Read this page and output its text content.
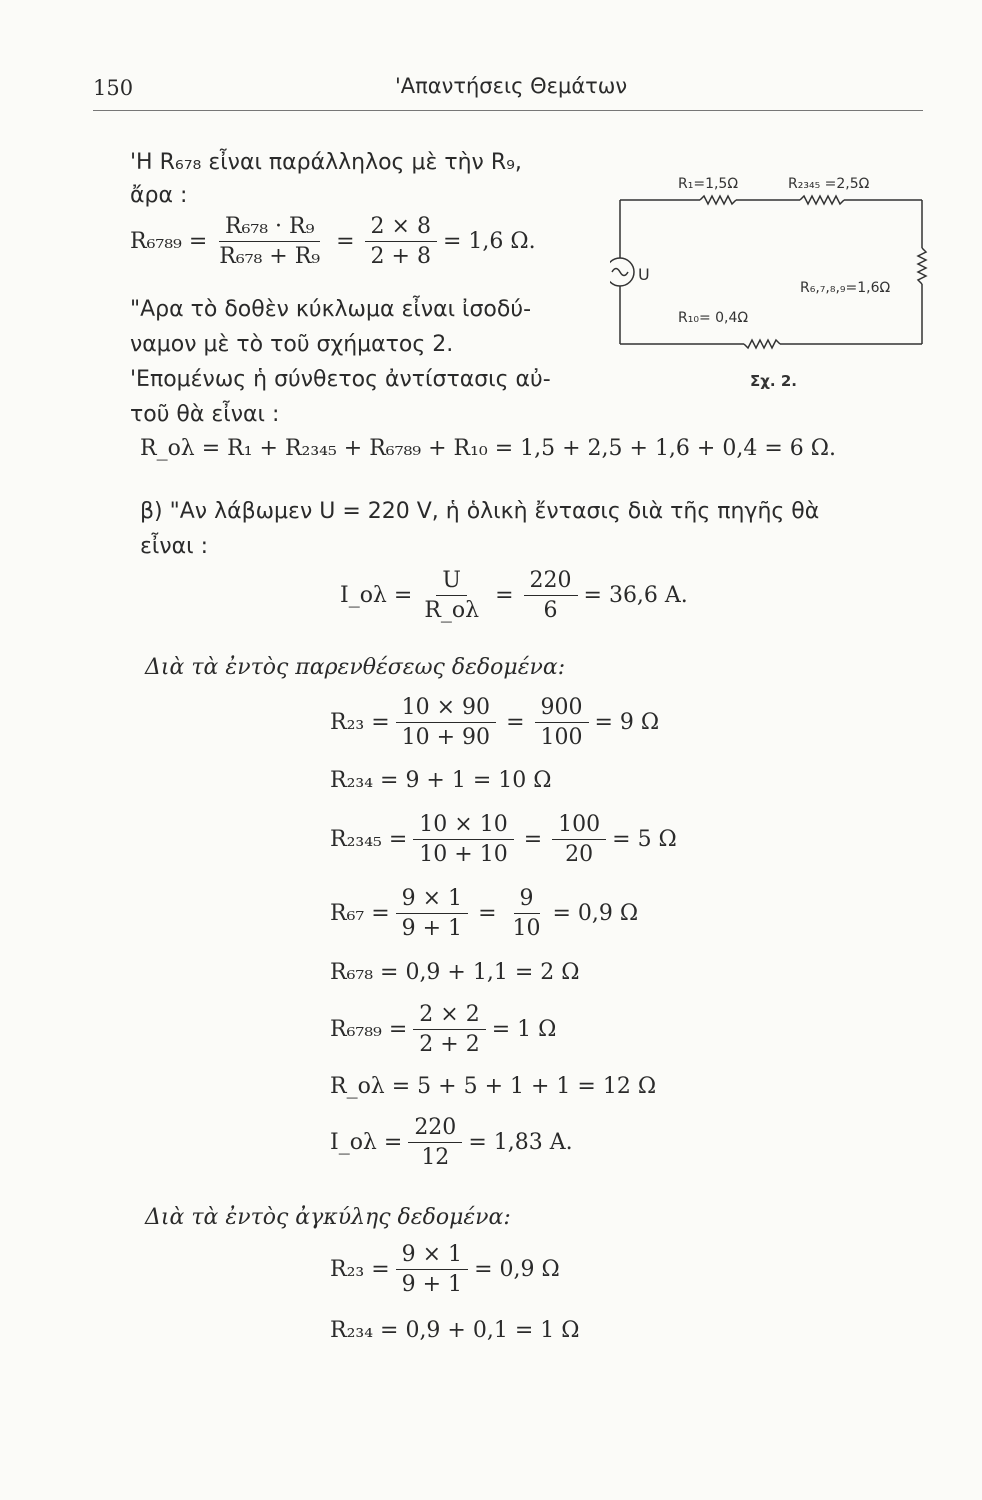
150	'Απαντήσεις Θεμάτων
'Η R₆₇₈ εἶναι παράλληλος μὲ τὴν R₉,
ἄρα :
$R_{6789} = \frac{\text{R₆₇₈ · R₉}}{\text{R₆₇₈ + R₉}} = \frac{2 \times 8}{2 + 8} = 1,6$ Ω.
"Αρα τὸ δοθὲν κύκλωμα εἶναι ἰσοδύ-
ναμον μὲ τὸ τοῦ σχήματος 2.
'Επομένως ἡ σύνθετος ἀντίστασις αὐ-
τοῦ θὰ εἶναι :
U
R₁=1,5Ω	R₂₃₄₅ =2,5Ω
R₆,₇,₈,₉=1,6Ω
R₁₀= 0,4Ω
Σχ. 2.
R_ολ = R₁ + R₂₃₄₅ + R₆₇₈₉ + R₁₀ = 1,5 + 2,5 + 1,6 + 0,4 = 6 Ω.
β) "Αν λάβωμεν U = 220 V, ἡ ὁλικὴ ἔντασις διὰ τῆς πηγῆς θὰ
εἶναι :
I_ολ = $\frac{U}{R\_o\lambda} = \frac{220}{6} = 36,6$ A.
Διὰ τὰ ἐντὸς παρενθέσεως δεδομένα:
$R_{23} = \frac{10 \times 90}{10 + 90} = \frac{900}{100} = 9$ Ω
R₂₃₄ = 9 + 1 = 10 Ω
$R_{2345} = \frac{10 \times 10}{10 + 10} = \frac{100}{20} = 5$ Ω
$R_{67} = \frac{9 \times 1}{9 + 1} = \frac{9}{10} = 0,9$ Ω
R₆₇₈ = 0,9 + 1,1 = 2 Ω
$R_{6789} = \frac{2 \times 2}{2 + 2} = 1$ Ω
R_ολ = 5 + 5 + 1 + 1 = 12 Ω
I_ολ = $\frac{220}{12} = 1,83$ A.
Διὰ τὰ ἐντὸς ἀγκύλης δεδομένα:
$R_{23} = \frac{9 \times 1}{9 + 1} = 0,9$ Ω
R₂₃₄ = 0,9 + 0,1 = 1 Ω
